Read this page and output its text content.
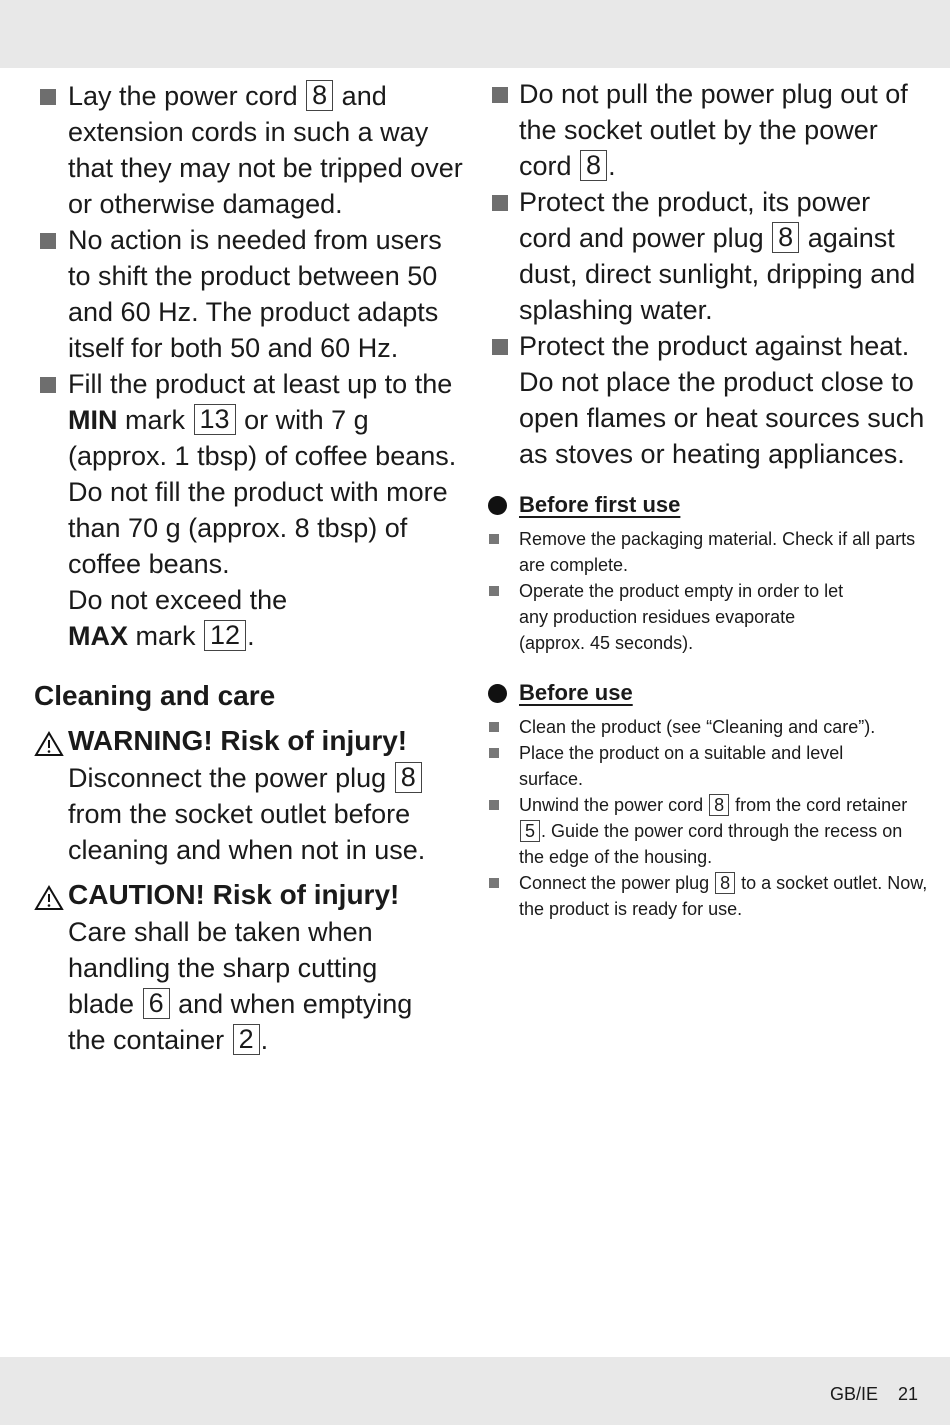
Lay the power cord 8 and extension cords in such a way that they may not be tripped over or otherwise damaged.
No action is needed from users to shift the product between 50 and 60 Hz. The product adapts itself for both 50 and 60 Hz.

Fill the product at least up to the MIN mark 13 or with 7 g (approx. 1 tbsp) of coffee beans. Do not fill the product with more than 70 g (approx. 8 tbsp) of coffee beans.

Do not exceed the MAX mark 12 .

Cleaning and care
WARNING! Risk of injury!
Disconnect the power plug 8 from the socket outlet before cleaning and when not in use.
CAUTION! Risk of injury!
Care shall be taken when handling the sharp cutting blade 6 and when emptying the container 2 .
Do not pull the power plug out of the socket outlet by the power cord 8 .
Protect the product, its power cord and power plug 8 against dust, direct sunlight, dripping and splashing water.
Protect the product against heat. Do not place the product close to open flames or heat sources such as stoves or heating appliances.
Before first use
Remove the packaging material. Check if all parts are complete.
Operate the product empty in order to let any production residues evaporate (approx. 45 seconds).
Before use
Clean the product (see “Cleaning and care”).
Place the product on a suitable and level surface.
Unwind the power cord 8 from the cord retainer 5 . Guide the power cord through the recess on the edge of the housing.
Connect the power plug 8 to a socket outlet. Now, the product is ready for use.
GB/IE 21
